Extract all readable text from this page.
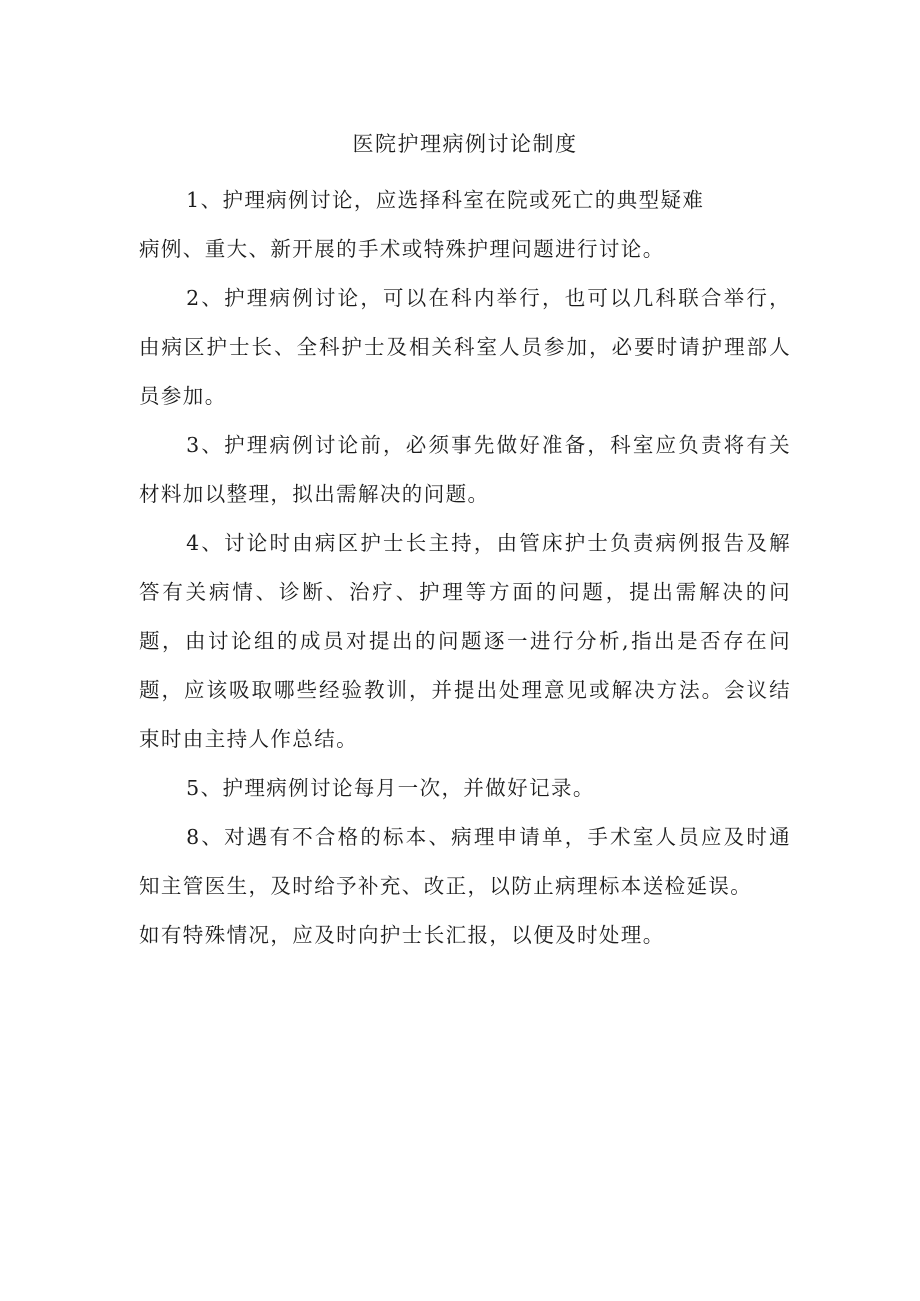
医院护理病例讨论制度

1、护理病例讨论，应选择科室在院或死亡的典型疑难

病例、重大、新开展的手术或特殊护理问题进行讨论。

2、护理病例讨论，可以在科内举行，也可以几科联合举行，由病区护士长、全科护士及相关科室人员参加，必要时请护理部人员参加。

3、护理病例讨论前，必须事先做好准备，科室应负责将有关材料加以整理，拟出需解决的问题。

4、讨论时由病区护士长主持，由管床护士负责病例报告及解答有关病情、诊断、治疗、护理等方面的问题，提出需解决的问题，由讨论组的成员对提出的问题逐一进行分析,指出是否存在问题，应该吸取哪些经验教训，并提出处理意见或解决方法。会议结束时由主持人作总结。

5、护理病例讨论每月一次，并做好记录。

8、对遇有不合格的标本、病理申请单，手术室人员应及时通知主管医生，及时给予补充、改正，以防止病理标本送检延误。

如有特殊情况，应及时向护士长汇报，以便及时处理。
